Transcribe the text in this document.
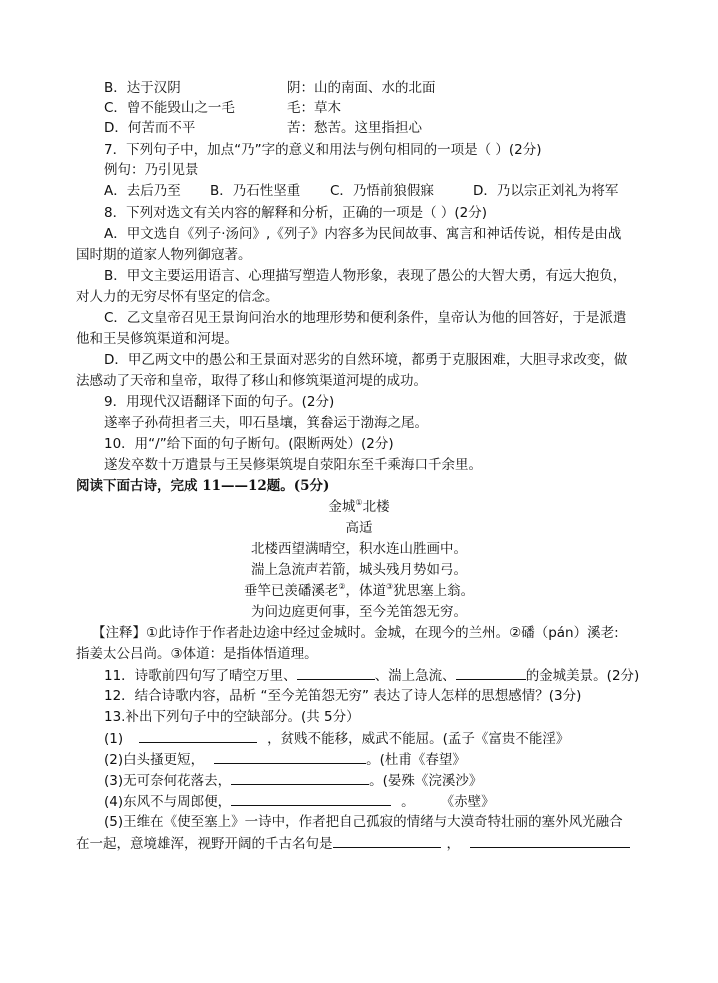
B．达于汉阴	阴：山的南面、水的北面
C．曾不能毁山之一毛	毛：草木
D．何苦而不平	苦：愁苦。这里指担心
7．下列句子中，加点“乃”字的意义和用法与例句相同的一项是（ ）(2分)
例句：乃引见景
A．去后乃至 B．乃石性坚重 C．乃悟前狼假寐	D．乃以宗正刘礼为将军
8．下列对选文有关内容的解释和分析，正确的一项是（ ）(2分)
A．甲文选自《列子·汤问》,《列子》内容多为民间故事、寓言和神话传说，相传是由战
国时期的道家人物列御寇著。
B．甲文主要运用语言、心理描写塑造人物形象，表现了愚公的大智大勇，有远大抱负，
对人力的无穷尽怀有坚定的信念。
C．乙文皇帝召见王景询问治水的地理形势和便利条件，皇帝认为他的回答好，于是派遣
他和王吴修筑渠道和河堤。
D．甲乙两文中的愚公和王景面对恶劣的自然环境，都勇于克服困难，大胆寻求改变，做
法感动了天帝和皇帝，取得了移山和修筑渠道河堤的成功。
9．用现代汉语翻译下面的句子。(2分)
遂率子孙荷担者三夫，叩石垦壤，箕畚运于渤海之尾。
10．用“/”给下面的句子断句。(限断两处）(2分)
遂发卒数十万遣景与王吴修渠筑堤自荥阳东至千乘海口千余里。
阅读下面古诗，完成 11——12题。(5分)
金城①北楼
高适
北楼西望满晴空，积水连山胜画中。
湍上急流声若箭，城头残月势如弓。
垂竿已羡磻溪老②，体道③犹思塞上翁。
为问边庭更何事，至今羌笛怨无穷。
【注释】①此诗作于作者赴边途中经过金城时。金城，在现今的兰州。②磻（pán）溪老:
指姜太公吕尚。③体道：是指体悟道理。
11．诗歌前四句写了晴空万里、	、湍上急流、	的金城美景。(2分)
12．结合诗歌内容，品析 “至今羌笛怨无穷” 表达了诗人怎样的思想感情？(3分)
13.补出下列句子中的空缺部分。(共 5分）
(1)	，贫贱不能移，威武不能屈。(孟子《富贵不能淫》
(2)白头搔更短，	。(杜甫《春望》
(3)无可奈何花落去，	。(晏殊《浣溪沙》
(4)东风不与周郎便，	。 《赤壁》
(5)王维在《使至塞上》一诗中，作者把自己孤寂的情绪与大漠奇特壮丽的塞外风光融合
在一起，意境雄浑，视野开阔的千古名句是	，
